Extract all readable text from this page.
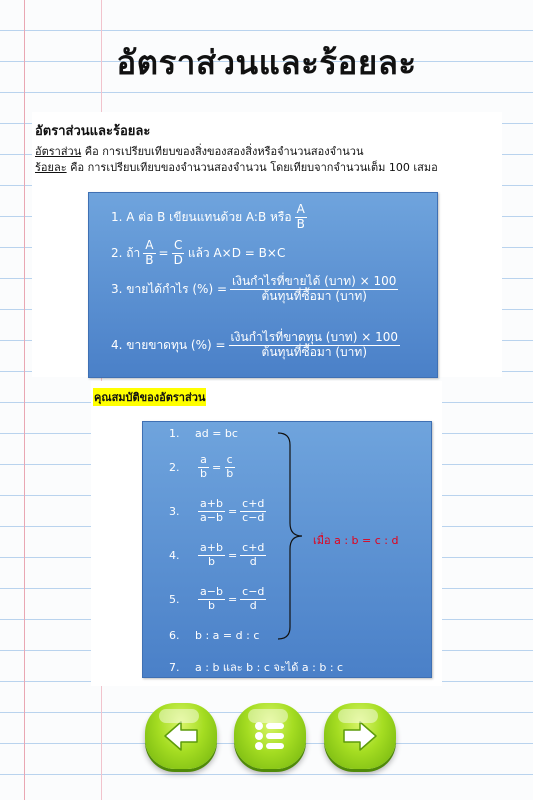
อัตราส่วนและร้อยละ
อัตราส่วนและร้อยละ
อัตราส่วน คือ การเปรียบเทียบของสิ่งของสองสิ่งหรือจำนวนสองจำนวน
ร้อยละ คือ การเปรียบเทียบของจำนวนสองจำนวน โดยเทียบจากจำนวนเต็ม 100 เสมอ
1. A ต่อ B เขียนแทนด้วย A:B หรือ $\frac{A}{B}$
2. ถ้า $\frac{A}{B} = \frac{C}{D}$ แล้ว A×D = B×C
3. ขายได้กำไร (%) = $\frac{\text{เงินกำไรที่ขายได้ (บาท) × 100}}{\text{ต้นทุนที่ซื้อมา (บาท)}}$
4. ขายขาดทุน (%) = $\frac{\text{เงินกำไรที่ขาดทุน (บาท) × 100}}{\text{ต้นทุนที่ซื้อมา (บาท)}}$
คุณสมบัติของอัตราส่วน
1.	ad = bc
2.	$\frac{a}{b} = \frac{c}{b}$
3.	$\frac{a+b}{a-b} = \frac{c+d}{c-d}$
4.	$\frac{a+b}{b} = \frac{c+d}{d}$
5.	$\frac{a-b}{b} = \frac{c-d}{d}$
6.	b : a = d : c
7.	a : b และ b : c จะได้ a : b : c
เมื่อ a : b = c : d
